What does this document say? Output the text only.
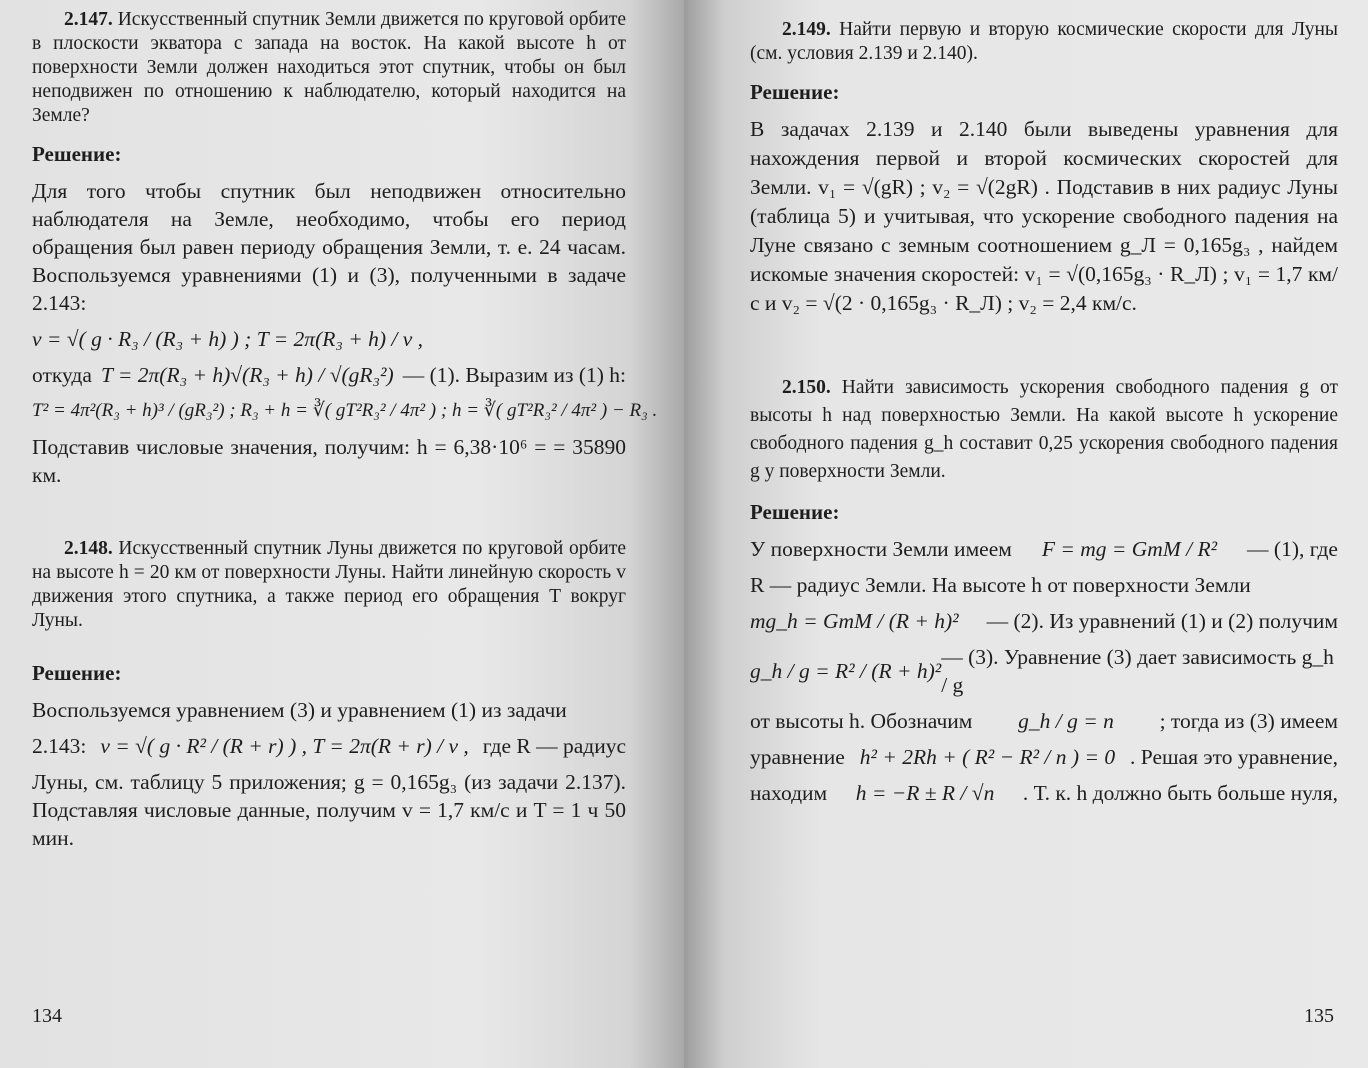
2.147. Искусственный спутник Земли движется по круговой орбите в плоскости экватора с запада на восток. На какой высоте h от поверхности Земли должен находиться этот спутник, чтобы он был неподвижен по отношению к наблюдателю, который находится на Земле?

Решение:

Для того чтобы спутник был неподвижен относительно наблюдателя на Земле, необходимо, чтобы его период обращения был равен периоду обращения Земли, т. е. 24 часам. Воспользуемся уравнениями (1) и (3), полученными в задаче 2.143:

v = √( g · R₃ / (R₃ + h) ) ; T = 2π(R₃ + h) / v ,
откуда T = 2π(R₃ + h)√(R₃ + h) / √(gR₃²) — (1). Выразим из (1) h:
T² = 4π²(R₃ + h)³ / (gR₃²) ; R₃ + h = ∛( gT²R₃² / 4π² ) ; h = ∛( gT²R₃² / 4π² ) − R₃ .

Подставив числовые значения, получим: h = 6,38·10⁶ = = 35890 км.

2.148. Искусственный спутник Луны движется по круговой орбите на высоте h = 20 км от поверхности Луны. Найти линейную скорость v движения этого спутника, а также период его обращения T вокруг Луны.

Решение:

Воспользуемся уравнением (3) и уравнением (1) из задачи

2.143: v = √( g · R² / (R + r) ) , T = 2π(R + r) / v , где R — радиус

Луны, см. таблицу 5 приложения; g = 0,165g₃ (из задачи 2.137). Подставляя числовые данные, получим v = 1,7 км/с и T = 1 ч 50 мин.

134

2.149. Найти первую и вторую космические скорости для Луны (см. условия 2.139 и 2.140).

Решение:

В задачах 2.139 и 2.140 были выведены уравнения для нахождения первой и второй космических скоростей для Земли. v₁ = √(gR) ; v₂ = √(2gR) . Подставив в них радиус Луны (таблица 5) и учитывая, что ускорение свободного падения на Луне связано с земным соотношением g_Л = 0,165g₃ , найдем искомые значения скоростей: v₁ = √(0,165g₃ · R_Л) ; v₁ = 1,7 км/с и v₂ = √(2 · 0,165g₃ · R_Л) ; v₂ = 2,4 км/с.

2.150. Найти зависимость ускорения свободного падения g от высоты h над поверхностью Земли. На какой высоте h ускорение свободного падения g_h составит 0,25 ускорения свободного падения g у поверхности Земли.

Решение:
У поверхности Земли имеем F = mg = GmM / R² — (1), где

R — радиус Земли. На высоте h от поверхности Земли

mg_h = GmM / (R + h)² — (2). Из уравнений (1) и (2) получим
g_h / g = R² / (R + h)²
— (3). Уравнение (3) дает зависимость g_h / g
от высоты h. Обозначим g_h / g = n ; тогда из (3) имеем
уравнение h² + 2Rh + ( R² − R² / n ) = 0 . Решая это уравнение,
находим h = −R ± R / √n . Т. к. h должно быть больше нуля,
135
